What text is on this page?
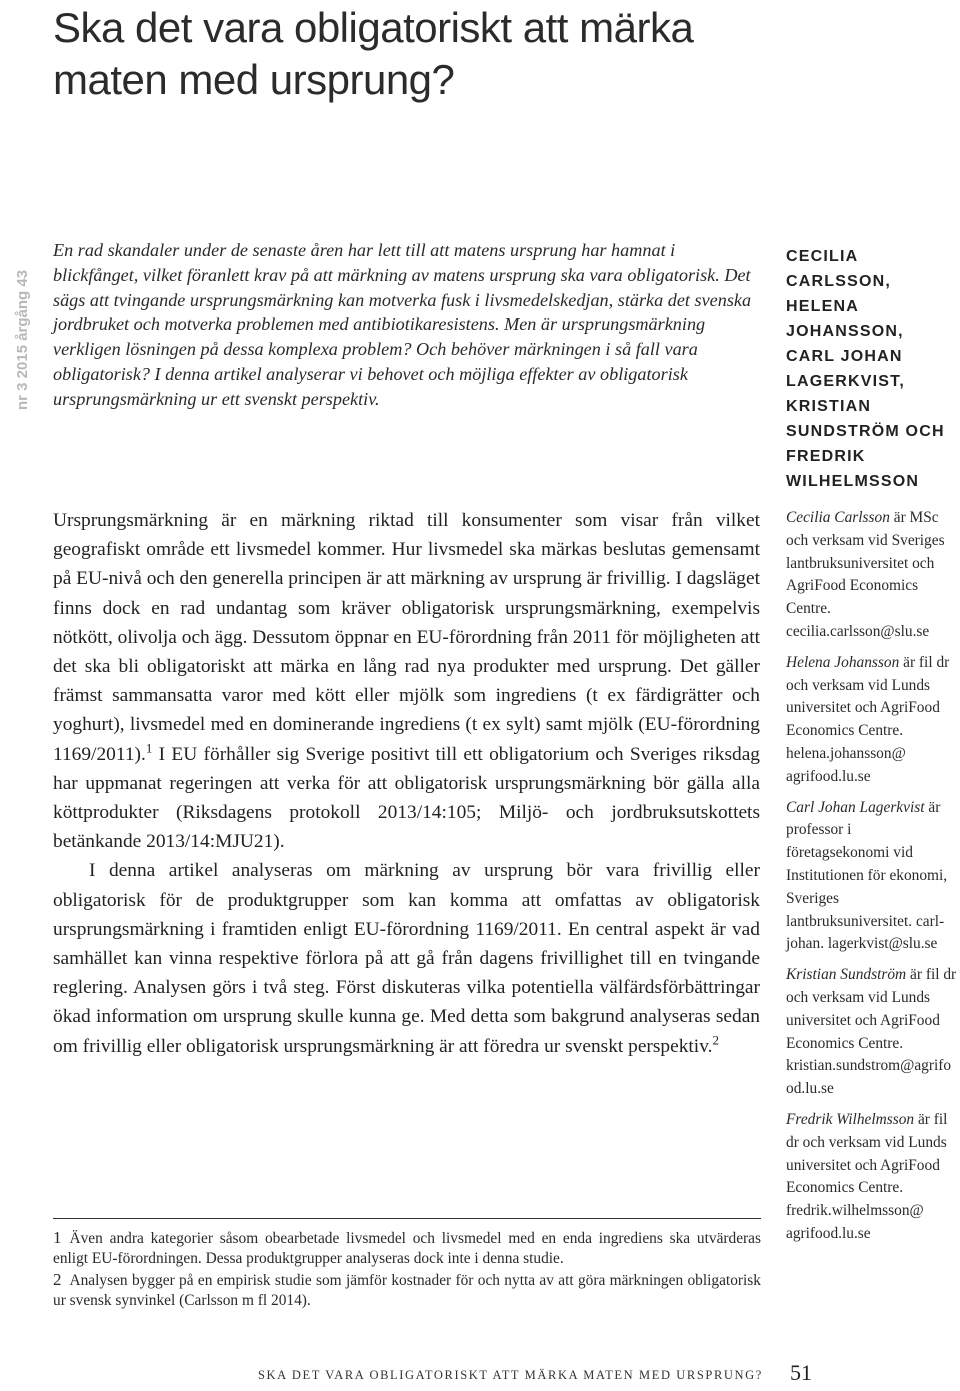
Ska det vara obligatoriskt att märka maten med ursprung?
nr 3 2015 årgång 43

En rad skandaler under de senaste åren har lett till att matens ursprung har hamnat i blickfånget, vilket föranlett krav på att märkning av matens ursprung ska vara obligatorisk. Det sägs att tvingande ursprungsmärkning kan motverka fusk i livsmedelskedjan, stärka det svenska jordbruket och motverka problemen med antibiotikaresistens. Men är ursprungsmärkning verkligen lösningen på dessa komplexa problem? Och behöver märkningen i så fall vara obligatorisk? I denna artikel analyserar vi behovet och möjliga effekter av obligatorisk ursprungsmärkning ur ett svenskt perspektiv.

Ursprungsmärkning är en märkning riktad till konsumenter som visar från vilket geografiskt område ett livsmedel kommer. Hur livsmedel ska märkas beslutas gemensamt på EU-nivå och den generella principen är att märkning av ursprung är frivillig. I dagsläget finns dock en rad undantag som kräver obligatorisk ursprungsmärkning, exempelvis nötkött, olivolja och ägg. Dessutom öppnar en EU-förordning från 2011 för möjligheten att det ska bli obligatoriskt att märka en lång rad nya produkter med ursprung. Det gäller främst sammansatta varor med kött eller mjölk som ingrediens (t ex färdigrätter och yoghurt), livsmedel med en dominerande ingrediens (t ex sylt) samt mjölk (EU-förordning 1169/2011).$^1$ I EU förhåller sig Sverige positivt till ett obligatorium och Sveriges riksdag har uppmanat regeringen att verka för att obligatorisk ursprungsmärkning bör gälla alla köttprodukter (Riksdagens protokoll 2013/14:105; Miljö- och jordbruksutskottets betänkande 2013/14:MJU21).

I denna artikel analyseras om märkning av ursprung bör vara frivillig eller obligatorisk för de produktgrupper som kan komma att omfattas av obligatorisk ursprungsmärkning i framtiden enligt EU-förordning 1169/2011. En central aspekt är vad samhället kan vinna respektive förlora på att gå från dagens frivillighet till en tvingande reglering. Analysen görs i två steg. Först diskuteras vilka potentiella välfärdsförbättringar ökad information om ursprung skulle kunna ge. Med detta som bakgrund analyseras sedan om frivillig eller obligatorisk ursprungsmärkning är att föredra ur svenskt perspektiv.$^2$

1 Även andra kategorier såsom obearbetade livsmedel och livsmedel med en enda ingrediens ska utvärderas enligt EU-förordningen. Dessa produktgrupper analyseras dock inte i denna studie.

2 Analysen bygger på en empirisk studie som jämför kostnader för och nytta av att göra märkningen obligatorisk ur svensk synvinkel (Carlsson m fl 2014).

CECILIA CARLSSON, HELENA JOHANSSON, CARL JOHAN LAGERKVIST, KRISTIAN SUNDSTRÖM OCH FREDRIK WILHELMSSON

Cecilia Carlsson är MSc och verksam vid Sveriges lantbruksuniversitet och AgriFood Economics Centre. cecilia.carlsson@slu.se

Helena Johansson är fil dr och verksam vid Lunds universitet och AgriFood Economics Centre. helena.johansson@ agrifood.lu.se

Carl Johan Lagerkvist är professor i företagsekonomi vid Institutionen för ekonomi, Sveriges lantbruksuniversitet. carl-johan. lagerkvist@slu.se

Kristian Sundström är fil dr och verksam vid Lunds universitet och AgriFood Economics Centre. kristian.sundstrom@agrifood.lu.se

Fredrik Wilhelmsson är fil dr och verksam vid Lunds universitet och AgriFood Economics Centre. fredrik.wilhelmsson@ agrifood.lu.se

SKA DET VARA OBLIGATORISKT ATT MÄRKA MATEN MED URSPRUNG? 51
